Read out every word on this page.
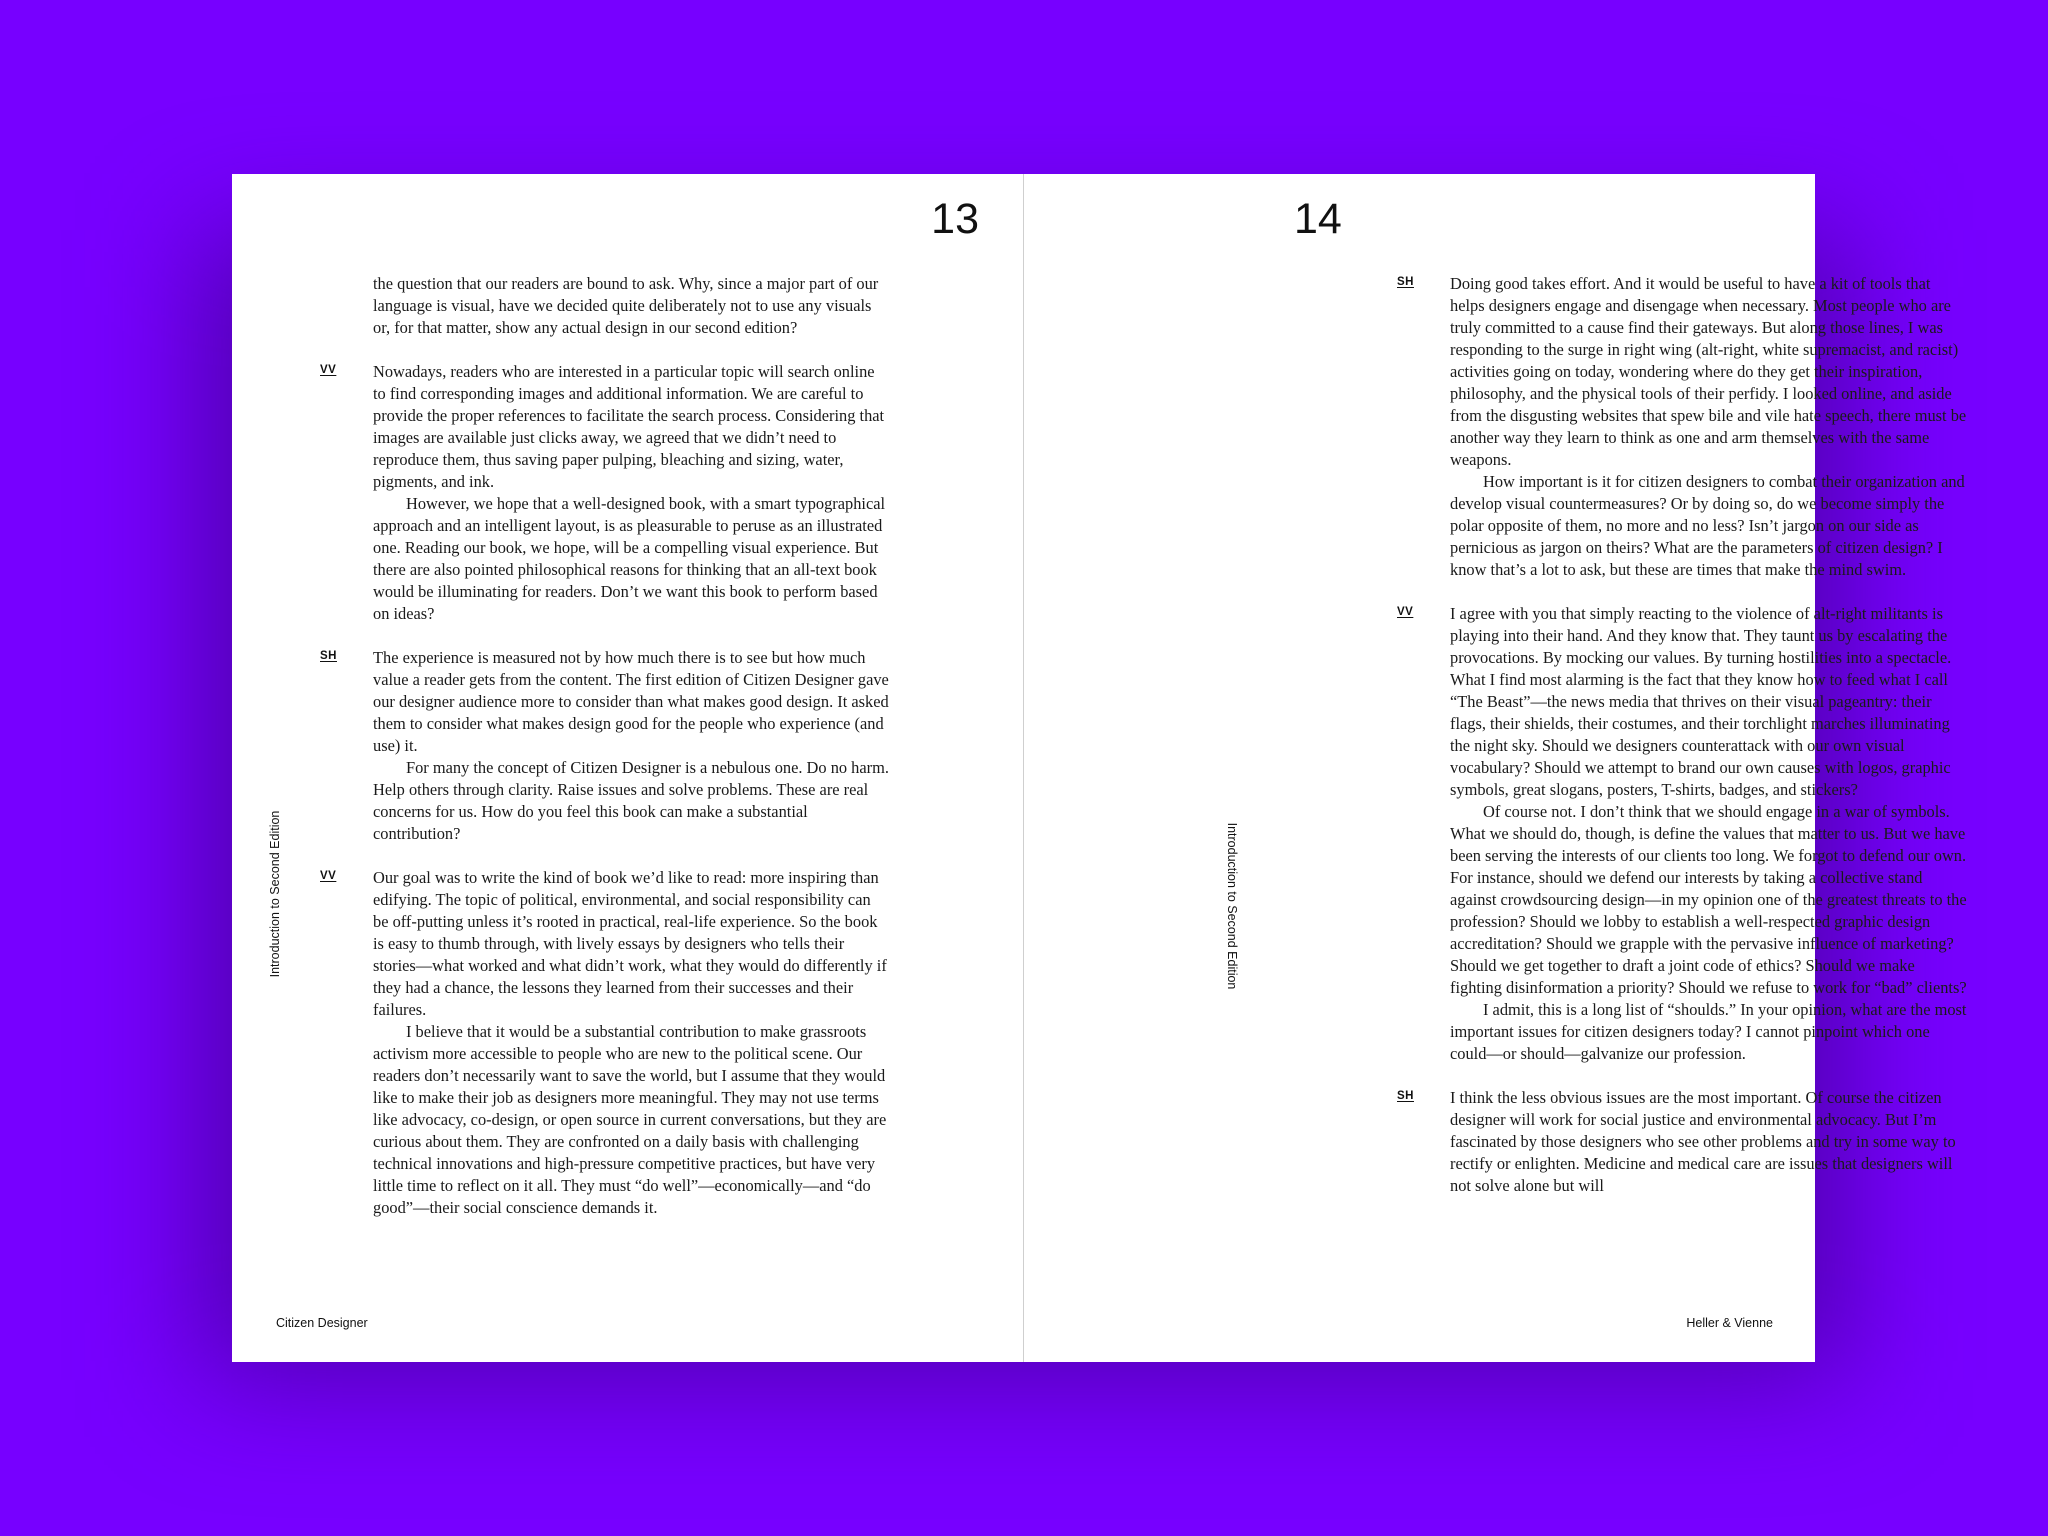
13

Introduction to Second Edition

the question that our readers are bound to ask. Why, since a major part of our language is visual, have we decided quite deliberately not to use any visuals or, for that matter, show any actual design in our second edition?

VV Nowadays, readers who are interested in a particular topic will search online to find corresponding images and additional information. We are careful to provide the proper references to facilitate the search process. Considering that images are available just clicks away, we agreed that we didn’t need to reproduce them, thus saving paper pulping, bleaching and sizing, water, pigments, and ink.

However, we hope that a well-designed book, with a smart typographical approach and an intelligent layout, is as pleasurable to peruse as an illustrated one. Reading our book, we hope, will be a compelling visual experience. But there are also pointed philosophical reasons for thinking that an all-text book would be illuminating for readers. Don’t we want this book to perform based on ideas?

SH The experience is measured not by how much there is to see but how much value a reader gets from the content. The first edition of Citizen Designer gave our designer audience more to consider than what makes good design. It asked them to consider what makes design good for the people who experience (and use) it.

For many the concept of Citizen Designer is a nebulous one. Do no harm. Help others through clarity. Raise issues and solve problems. These are real concerns for us. How do you feel this book can make a substantial contribution?

VV Our goal was to write the kind of book we’d like to read: more inspiring than edifying. The topic of political, environmental, and social responsibility can be off-putting unless it’s rooted in practical, real-life experience. So the book is easy to thumb through, with lively essays by designers who tells their stories—what worked and what didn’t work, what they would do differently if they had a chance, the lessons they learned from their successes and their failures.

I believe that it would be a substantial contribution to make grassroots activism more accessible to people who are new to the political scene. Our readers don’t necessarily want to save the world, but I assume that they would like to make their job as designers more meaningful. They may not use terms like advocacy, co-design, or open source in current conversations, but they are curious about them. They are confronted on a daily basis with challenging technical innovations and high-pressure competitive practices, but have very little time to reflect on it all. They must “do well”—economically—and “do good”—their social conscience demands it.

Citizen Designer

14
SH Doing good takes effort. And it would be useful to have a kit of tools that helps designers engage and disengage when necessary. Most people who are truly committed to a cause find their gateways. But along those lines, I was responding to the surge in right wing (alt-right, white supremacist, and racist) activities going on today, wondering where do they get their inspiration, philosophy, and the physical tools of their perfidy. I looked online, and aside from the disgusting websites that spew bile and vile hate speech, there must be another way they learn to think as one and arm themselves with the same weapons.

How important is it for citizen designers to combat their organization and develop visual countermeasures? Or by doing so, do we become simply the polar opposite of them, no more and no less? Isn’t jargon on our side as pernicious as jargon on theirs? What are the parameters of citizen design? I know that’s a lot to ask, but these are times that make the mind swim.

VV I agree with you that simply reacting to the violence of alt-right militants is playing into their hand. And they know that. They taunt us by escalating the provocations. By mocking our values. By turning hostilities into a spectacle. What I find most alarming is the fact that they know how to feed what I call “The Beast”—the news media that thrives on their visual pageantry: their flags, their shields, their costumes, and their torchlight marches illuminating the night sky. Should we designers counterattack with our own visual vocabulary? Should we attempt to brand our own causes with logos, graphic symbols, great slogans, posters, T-shirts, badges, and stickers?

Of course not. I don’t think that we should engage in a war of symbols. What we should do, though, is define the values that matter to us. But we have been serving the interests of our clients too long. We forgot to defend our own. For instance, should we defend our interests by taking a collective stand against crowdsourcing design—in my opinion one of the greatest threats to the profession? Should we lobby to establish a well-respected graphic design accreditation? Should we grapple with the pervasive influence of marketing? Should we get together to draft a joint code of ethics? Should we make fighting disinformation a priority? Should we refuse to work for “bad” clients?

I admit, this is a long list of “shoulds.” In your opinion, what are the most important issues for citizen designers today? I cannot pinpoint which one could—or should—galvanize our profession.

SH I think the less obvious issues are the most important. Of course the citizen designer will work for social justice and environmental advocacy. But I’m fascinated by those designers who see other problems and try in some way to rectify or enlighten. Medicine and medical care are issues that designers will not solve alone but will

Heller & Vienne

Introduction to Second Edition
